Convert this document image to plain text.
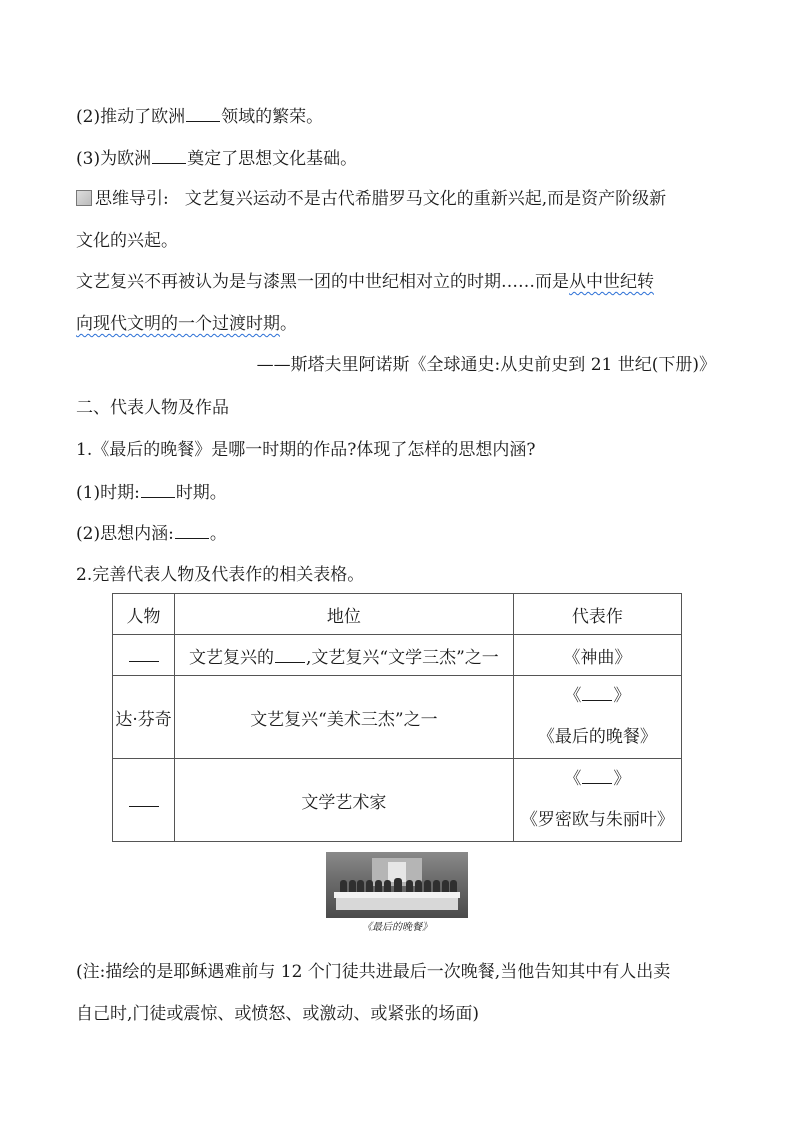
(2)推动了欧洲 领域的繁荣。
(3)为欧洲 奠定了思想文化基础。
思维导引: 文艺复兴运动不是古代希腊罗马文化的重新兴起,而是资产阶级新
文化的兴起。
文艺复兴不再被认为是与漆黑一团的中世纪相对立的时期……而是从中世纪转
向现代文明的一个过渡时期。
——斯塔夫里阿诺斯《全球通史:从史前史到 21 世纪(下册)》
二、代表人物及作品
1.《最后的晚餐》是哪一时期的作品?体现了怎样的思想内涵?
(1)时期: 时期。
(2)思想内涵: 。
2.完善代表人物及代表作的相关表格。
人物	地位	代表作
	文艺复兴的 ,文艺复兴“文学三杰”之一	《神曲》
达·芬奇	文艺复兴“美术三杰”之一	《 》
《最后的晚餐》

	文学艺术家	《 》
《罗密欧与朱丽叶》
《最后的晚餐》
(注:描绘的是耶稣遇难前与 12 个门徒共进最后一次晚餐,当他告知其中有人出卖
自己时,门徒或震惊、或愤怒、或激动、或紧张的场面)
